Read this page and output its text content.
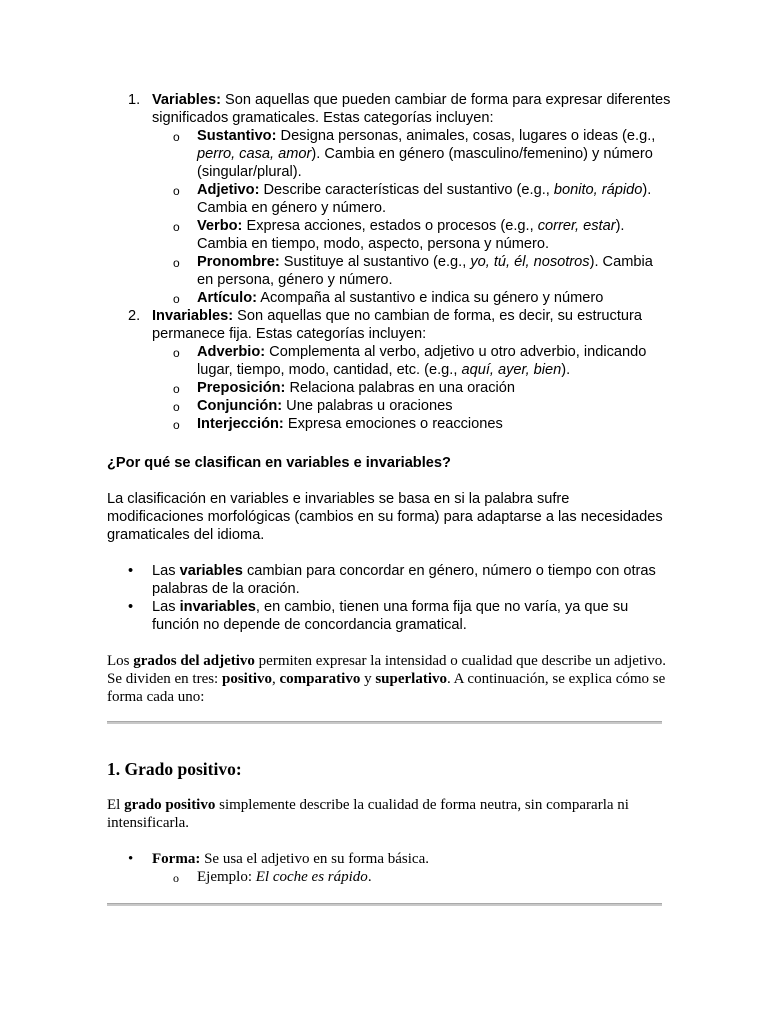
1. Variables: Son aquellas que pueden cambiar de forma para expresar diferentes significados gramaticales. Estas categorías incluyen:
o Sustantivo: Designa personas, animales, cosas, lugares o ideas (e.g., perro, casa, amor). Cambia en género (masculino/femenino) y número (singular/plural).
o Adjetivo: Describe características del sustantivo (e.g., bonito, rápido). Cambia en género y número.
o Verbo: Expresa acciones, estados o procesos (e.g., correr, estar). Cambia en tiempo, modo, aspecto, persona y número.
o Pronombre: Sustituye al sustantivo (e.g., yo, tú, él, nosotros). Cambia en persona, género y número.
o Artículo: Acompaña al sustantivo e indica su género y número
2. Invariables: Son aquellas que no cambian de forma, es decir, su estructura permanece fija. Estas categorías incluyen:
o Adverbio: Complementa al verbo, adjetivo u otro adverbio, indicando lugar, tiempo, modo, cantidad, etc. (e.g., aquí, ayer, bien).
o Preposición: Relaciona palabras en una oración
o Conjunción: Une palabras u oraciones
o Interjección: Expresa emociones o reacciones
¿Por qué se clasifican en variables e invariables?
La clasificación en variables e invariables se basa en si la palabra sufre modificaciones morfológicas (cambios en su forma) para adaptarse a las necesidades gramaticales del idioma.
• Las variables cambian para concordar en género, número o tiempo con otras palabras de la oración.
• Las invariables, en cambio, tienen una forma fija que no varía, ya que su función no depende de concordancia gramatical.
Los grados del adjetivo permiten expresar la intensidad o cualidad que describe un adjetivo. Se dividen en tres: positivo, comparativo y superlativo. A continuación, se explica cómo se forma cada uno:
1. Grado positivo:
El grado positivo simplemente describe la cualidad de forma neutra, sin compararla ni intensificarla.
• Forma: Se usa el adjetivo en su forma básica.
o Ejemplo: El coche es rápido.
